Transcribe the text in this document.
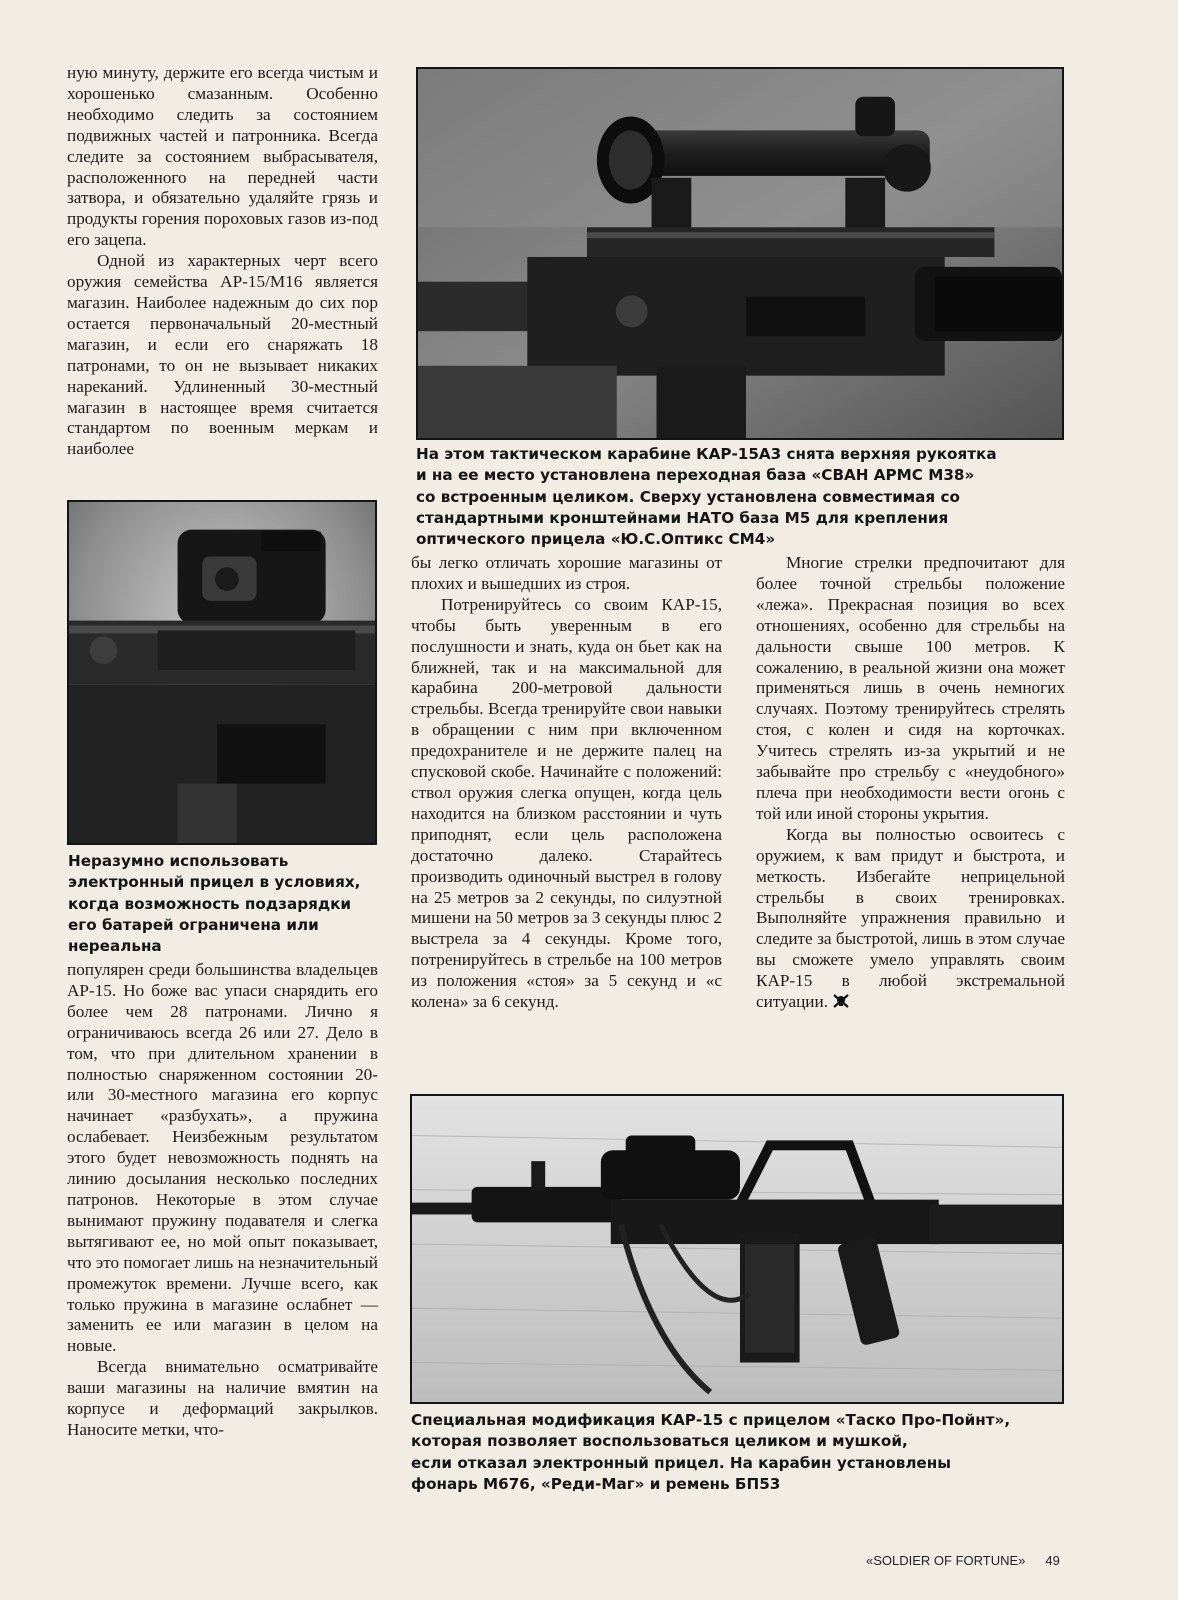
ную минуту, держите его всегда чистым и хорошенько смазанным. Особенно необходимо следить за состоянием подвижных частей и патронника. Всегда следите за состоянием выбрасывателя, расположенного на передней части затвора, и обязательно удаляйте грязь и продукты горения пороховых газов из-под его зацепа.

Одной из характерных черт всего оружия семейства АР-15/М16 является магазин. Наиболее надежным до сих пор остается первоначальный 20-местный магазин, и если его снаряжать 18 патронами, то он не вызывает никаких нареканий. Удлиненный 30-местный магазин в настоящее время считается стандартом по военным меркам и наиболее	На этом тактическом карабине КАР-15А3 снята верхняя рукоятка
и на ее место установлена переходная база «СВАН АРМС М38»
со встроенным целиком. Сверху установлена совместимая со
стандартными кронштейнами НАТО база М5 для крепления
оптического прицела «Ю.С.Оптикс СМ4»
Неразумно использовать
электронный прицел в условиях,
когда возможность подзарядки
его батарей ограничена или
нереальна

популярен среди большинства владельцев АР-15. Но боже вас упаси снарядить его более чем 28 патронами. Лично я ограничиваюсь всегда 26 или 27. Дело в том, что при длительном хранении в полностью снаряженном состоянии 20- или 30-местного магазина его корпус начинает «разбухать», а пружина ослабевает. Неизбежным результатом этого будет невозможность поднять на линию досылания несколько последних патронов. Некоторые в этом случае вынимают пружину подавателя и слегка вытягивают ее, но мой опыт показывает, что это помогает лишь на незначительный промежуток времени. Лучше всего, как только пружина в магазине ослабнет — заменить ее или магазин в целом на новые.

Всегда внимательно осматривайте ваши магазины на наличие вмятин на корпусе и деформаций закрылков. Наносите метки, что-

бы легко отличать хорошие магазины от плохих и вышедших из строя.

Потренируйтесь со своим КАР-15, чтобы быть уверенным в его послушности и знать, куда он бьет как на ближней, так и на максимальной для карабина 200-метровой дальности стрельбы. Всегда тренируйте свои навыки в обращении с ним при включенном предохранителе и не держите палец на спусковой скобе. Начинайте с положений: ствол оружия слегка опущен, когда цель находится на близком расстоянии и чуть приподнят, если цель расположена достаточно далеко. Старайтесь производить одиночный выстрел в голову на 25 метров за 2 секунды, по силуэтной мишени на 50 метров за 3 секунды плюс 2 выстрела за 4 секунды. Кроме того, потренируйтесь в стрельбе на 100 метров из положения «стоя» за 5 секунд и «с колена» за 6 секунд.

Многие стрелки предпочитают для более точной стрельбы положение «лежа». Прекрасная позиция во всех отношениях, особенно для стрельбы на дальности свыше 100 метров. К сожалению, в реальной жизни она может применяться лишь в очень немногих случаях. Поэтому тренируйтесь стрелять стоя, с колен и сидя на корточках. Учитесь стрелять из-за укрытий и не забывайте про стрельбу с «неудобного» плеча при необходимости вести огонь с той или иной стороны укрытия.

Когда вы полностью освоитесь с оружием, к вам придут и быстрота, и меткость. Избегайте неприцельной стрельбы в своих тренировках. Выполняйте упражнения правильно и следите за быстротой, лишь в этом случае вы сможете умело управлять своим КАР-15 в любой экстремальной ситуации.

Специальная модификация КАР-15 с прицелом «Таско Про-Пойнт»,
которая позволяет воспользоваться целиком и мушкой,
если отказал электронный прицел. На карабин установлены
фонарь М676, «Реди-Маг» и ремень БП53
«SOLDIER OF FORTUNE» 49
